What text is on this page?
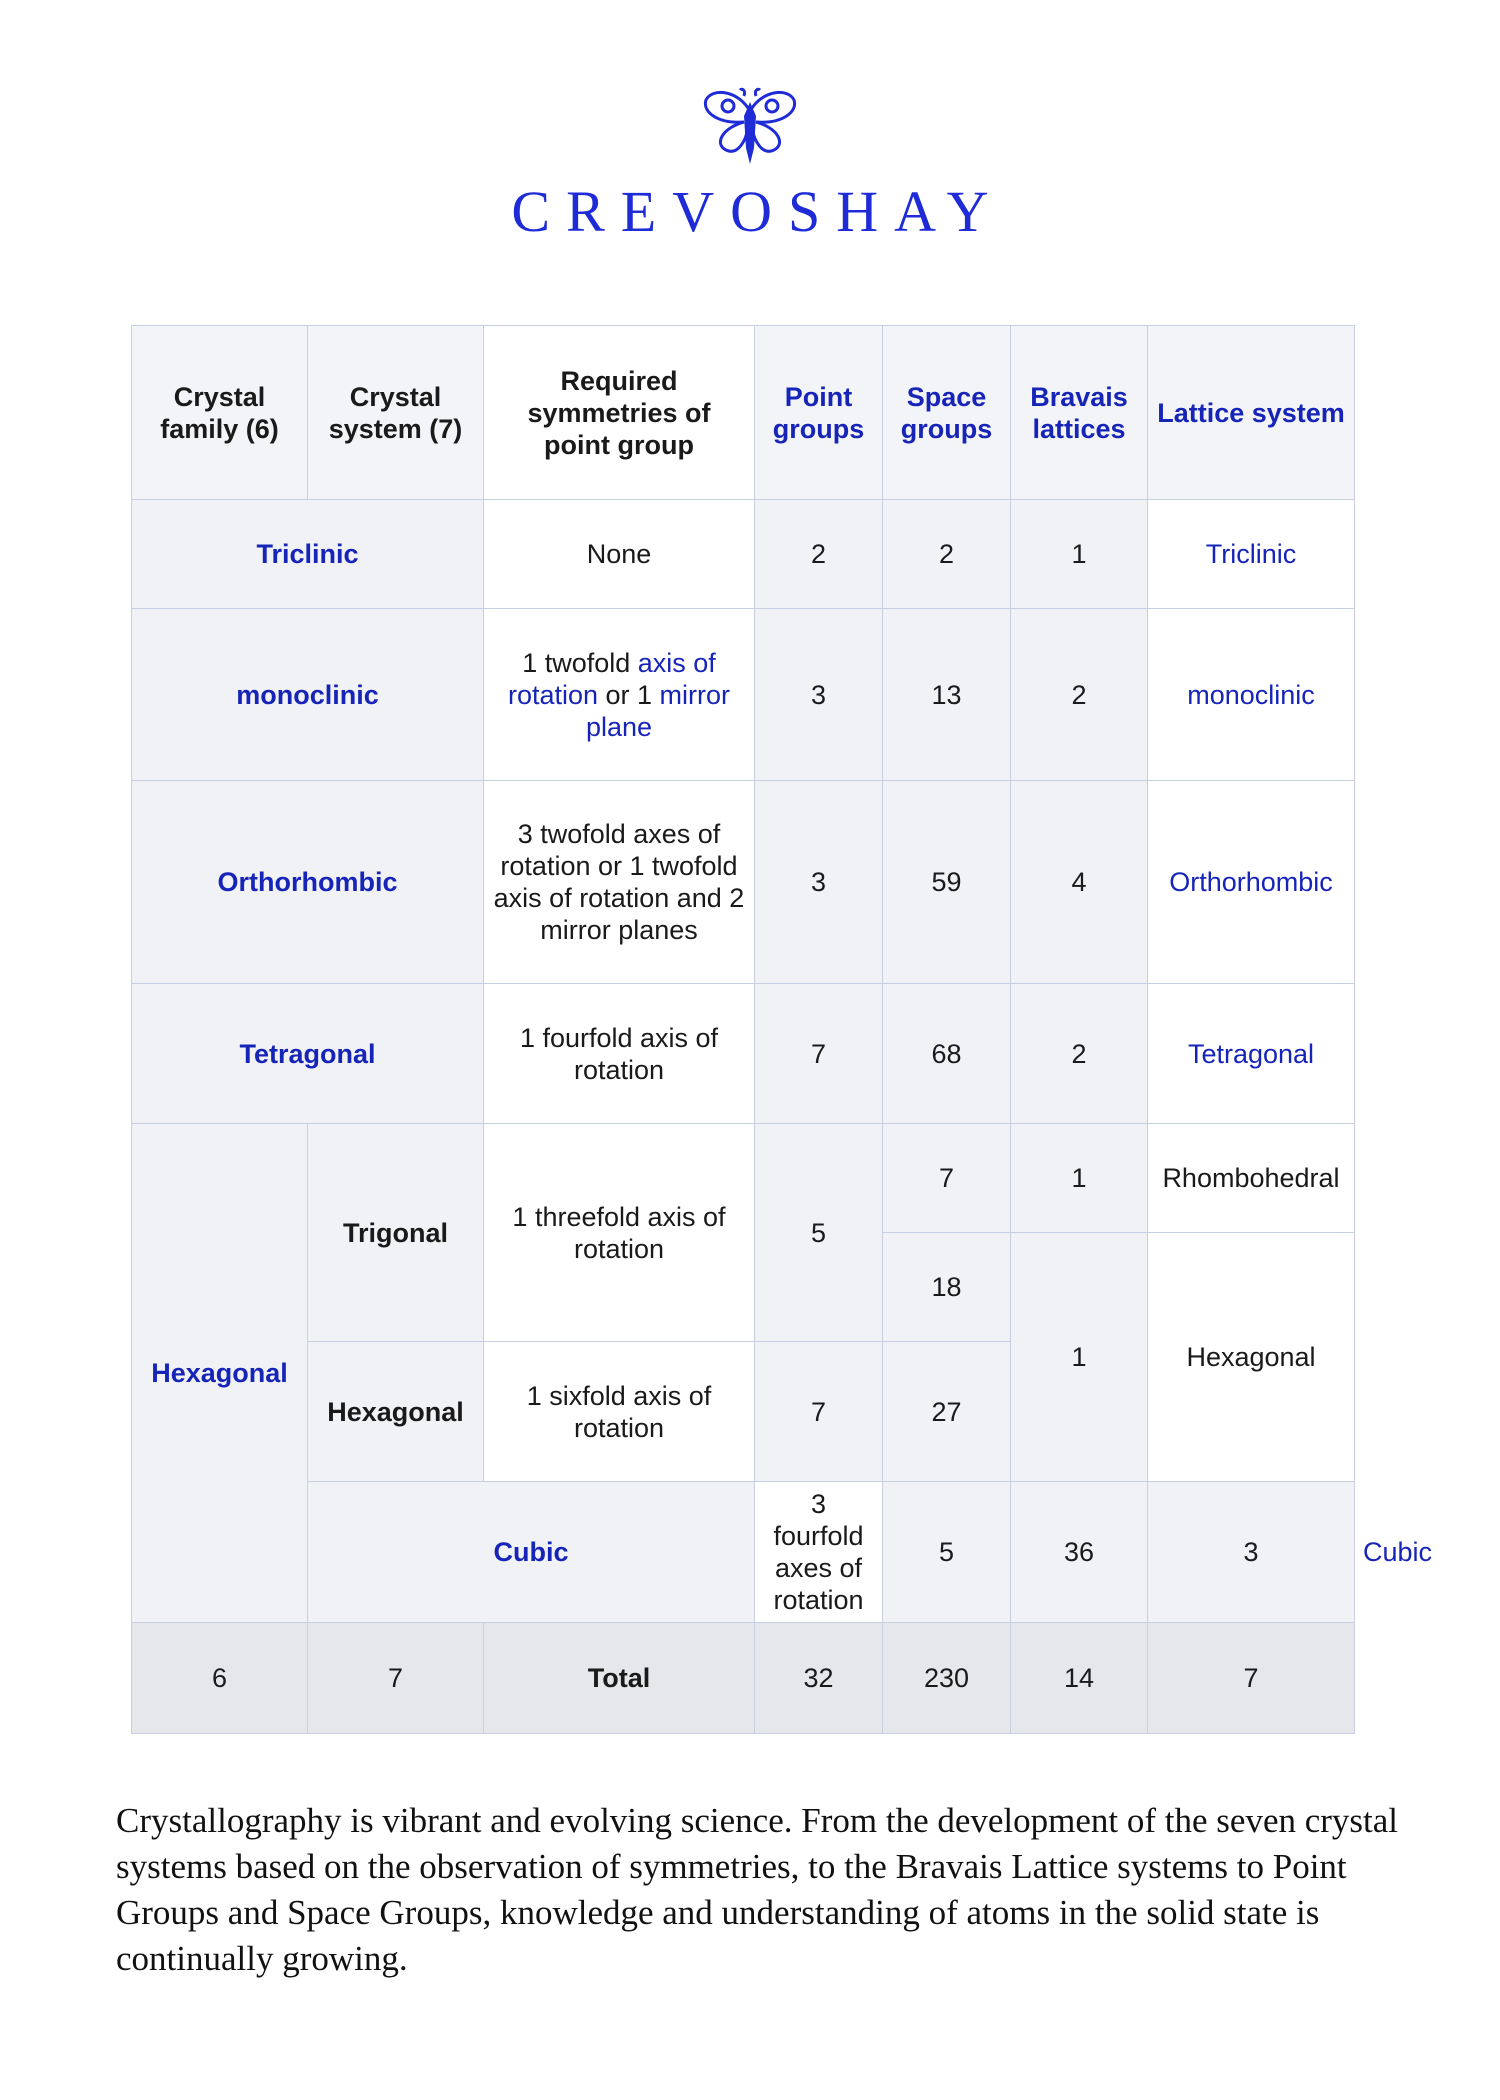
CREVOSHAY
Crystal family (6)	Crystal system (7)	Required symmetries of point group	Point groups	Space groups	Bravais lattices	Lattice system	
Triclinic		None	2	2	1	Triclinic	
monoclinic		1 twofold axis of rotation or 1 mirror plane	3	13	2	monoclinic	
Orthorhombic		3 twofold axes of rotation or 1 twofold axis of rotation and 2 mirror planes	3	59	4	Orthorhombic	
Tetragonal		1 fourfold axis of rotation	7	68	2	Tetragonal	
Hexagonal	Trigonal	1 threefold axis of rotation	5	7	1	Rhombohedral	
				18	1	Hexagonal	
	Hexagonal	1 sixfold axis of rotation	7	27			
	Cubic		3 fourfold axes of rotation	5	36	3	Cubic
6	7	Total	32	230	14	7	
Crystallography is vibrant and evolving science. From the development of the seven crystal systems based on the observation of symmetries, to the Bravais Lattice systems to Point Groups and Space Groups, knowledge and understanding of atoms in the solid state is continually growing.
